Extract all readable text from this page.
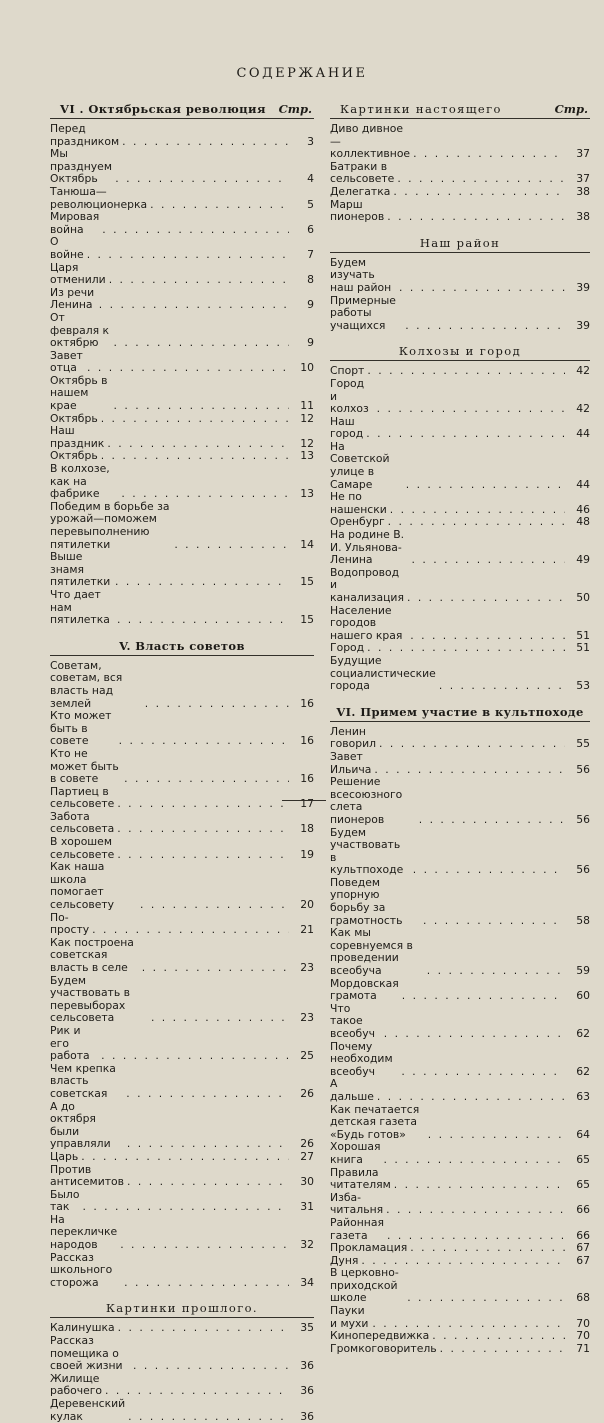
СОДЕРЖАНИЕ
VI . Октябрьская революция Стр.
Перед праздником . . .	3
Мы празднуем Октябрь . . .	4
Танюша—революционерка . . .	5
Мировая война . . .	6
О войне . . .	7
Царя отменили . . .	8
Из речи Ленина . . .	9
От февраля к октябрю . . .	9
Завет отца . . .	10
Октябрь в нашем крае . . .	11
Октябрь . . .	12
Наш праздник . . .	12
Октябрь . . .	13
В колхозе, как на фабрике . . .	13
Победим в борьбе за урожай—поможем перевыполнению пятилетки . . .	14
Выше знамя пятилетки . . .	15
Что дает нам пятилетка . . .	15
V. Власть советов
Советам, советам, вся власть над землей . . .	16
Кто может быть в совете . . .	16
Кто не может быть в совете . . .	16
Партиец в сельсовете . . .	17
Забота сельсовета . . .	18
В хорошем сельсовете . . .	19
Как наша школа помогает сельсовету . . .	20
По-просту . . .	21
Как построена советская власть в селе . . .	23
Будем участвовать в перевыборах сельсовета . . .	23
Рик и его работа . . .	25
Чем крепка власть советская . . .	26
А до октября были управляли . . .	26
Царь . . .	27
Против антисемитов . . .	30
Было так . . .	31
На перекличке народов . . .	32
Рассказ школьного сторожа . . .	34
Картинки прошлого.
Калинушка . . .	35
Рассказ помещика о своей жизни . . .	36
Жилище рабочего . . .	36
Деревенский кулак . . .	36
Картинки настоящего	Стр.
Диво дивное—коллективное . . .	37
Батраки в сельсовете . . .	37
Делегатка . . .	38
Марш пионеров . . .	38
Наш район
Будем изучать наш район . . .	39
Примерные работы учащихся . . .	39
Колхозы и город
Спорт . . .	42
Город и колхоз . . .	42
Наш город . . .	44
На Советской улице в Самаре . . .	44
Не по нашенски . . .	46
Оренбург . . .	48
На родине В. И. Ульянова-Ленина . . .	49
Водопровод и канализация . . .	50
Население городов нашего края . . .	51
Город . . .	51
Будущие социалистические города . . .	53
VI. Примем участие в культпоходе
Ленин говорил . . .	55
Завет Ильича . . .	56
Решение всесоюзного слета пионеров . . .	56
Будем участвовать в культпоходе . . .	56
Поведем упорную борьбу за грамотность . . .	58
Как мы соревнуемся в проведении всеобуча . . .	59
Мордовская грамота . . .	60
Что такое всеобуч . . .	62
Почему необходим всеобуч . . .	62
А дальше . . .	63
Как печатается детская газета «Будь готов» . . .	64
Хорошая книга . . .	65
Правила читателям . . .	65
Изба-читальня . . .	66
Районная газета . . .	66
Прокламация . . .	67
Дуня . . .	67
В церковно-приходской школе . . .	68
Пауки и мухи . . .	70
Кинопередвижка . . .	70
Громкоговоритель . . .	71
